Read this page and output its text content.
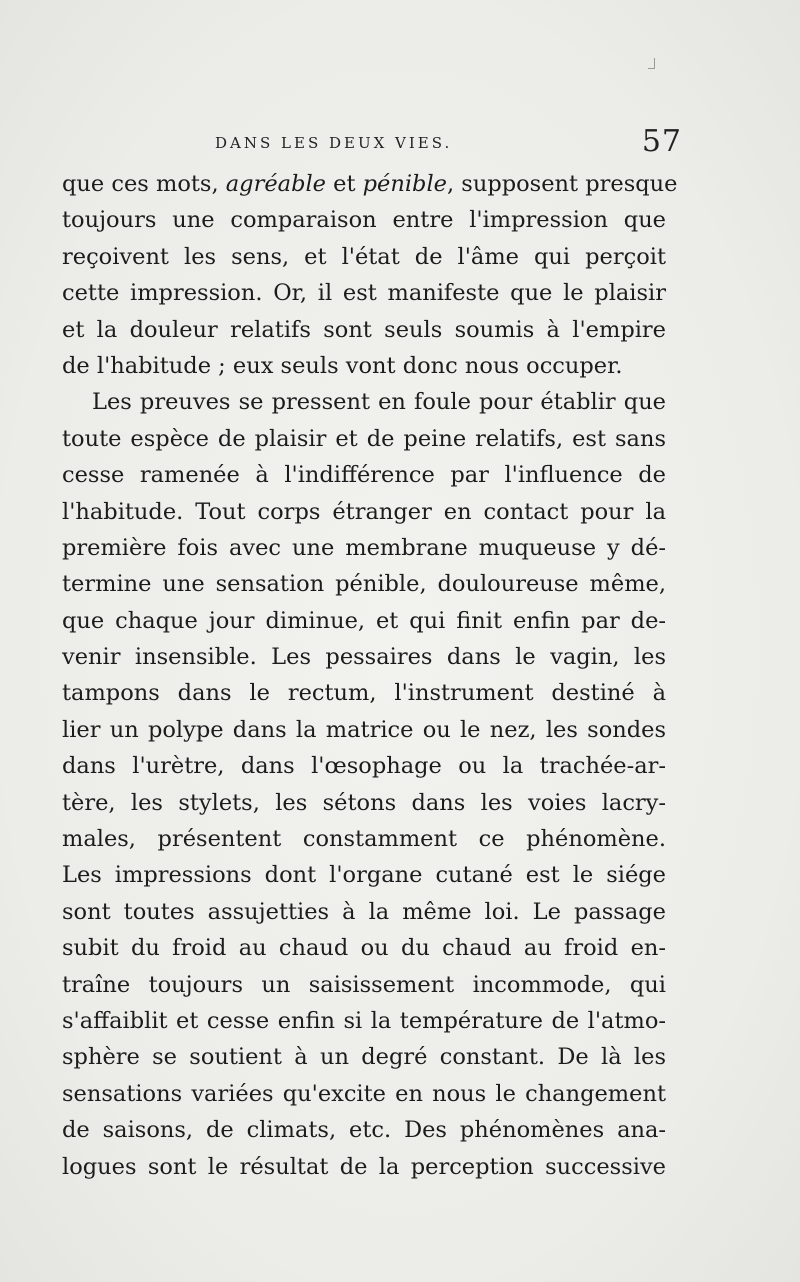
DANS LES DEUX VIES.	57
que ces mots, agréable et pénible, supposent presque
toujours une comparaison entre l'impression que
reçoivent les sens, et l'état de l'âme qui perçoit
cette impression. Or, il est manifeste que le plaisir
et la douleur relatifs sont seuls soumis à l'empire
de l'habitude ; eux seuls vont donc nous occuper.
Les preuves se pressent en foule pour établir que
toute espèce de plaisir et de peine relatifs, est sans
cesse ramenée à l'indifférence par l'influence de
l'habitude. Tout corps étranger en contact pour la
première fois avec une membrane muqueuse y dé-
termine une sensation pénible, douloureuse même,
que chaque jour diminue, et qui finit enfin par de-
venir insensible. Les pessaires dans le vagin, les
tampons dans le rectum, l'instrument destiné à
lier un polype dans la matrice ou le nez, les sondes
dans l'urètre, dans l'œsophage ou la trachée-ar-
tère, les stylets, les sétons dans les voies lacry-
males, présentent constamment ce phénomène.
Les impressions dont l'organe cutané est le siége
sont toutes assujetties à la même loi. Le passage
subit du froid au chaud ou du chaud au froid en-
traîne toujours un saisissement incommode, qui
s'affaiblit et cesse enfin si la température de l'atmo-
sphère se soutient à un degré constant. De là les
sensations variées qu'excite en nous le changement
de saisons, de climats, etc. Des phénomènes ana-
logues sont le résultat de la perception successive
